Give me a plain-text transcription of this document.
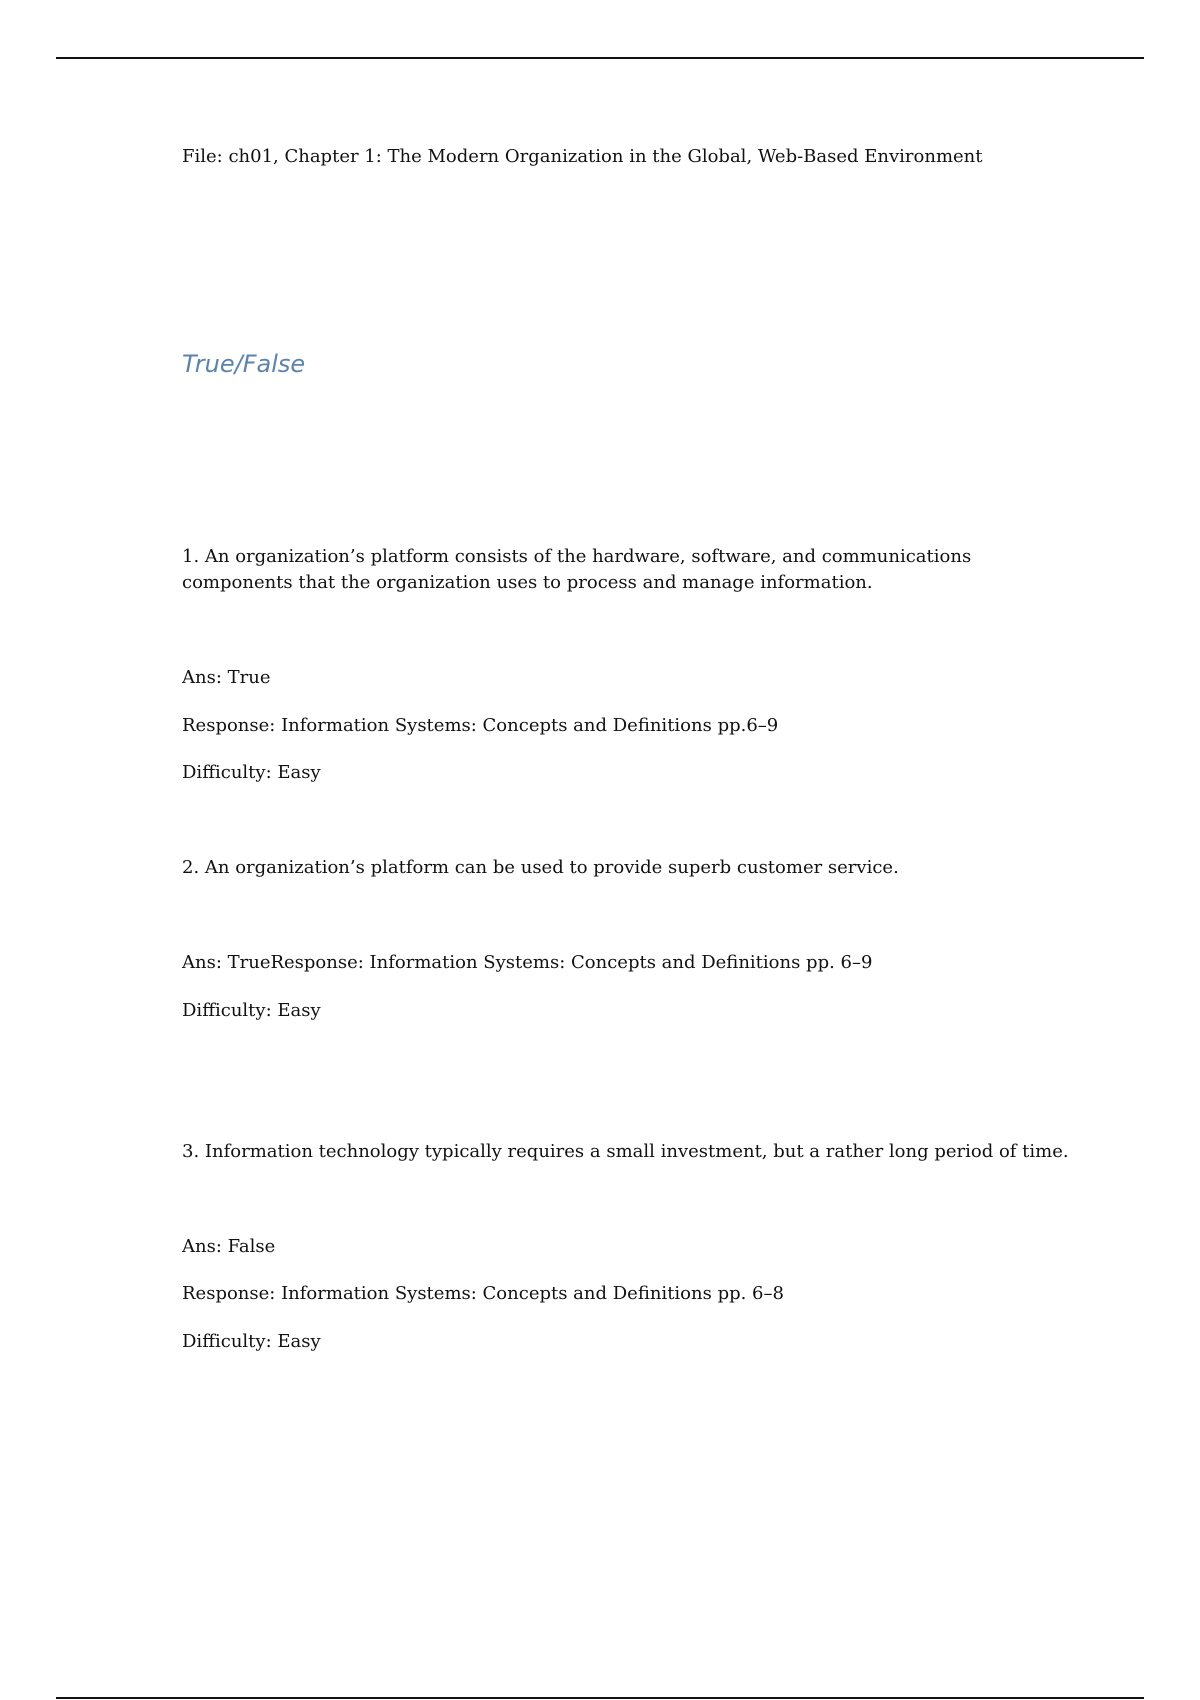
File: ch01, Chapter 1: The Modern Organization in the Global, Web-Based Environment

True/False

1. An organization’s platform consists of the hardware, software, and communications components that the organization uses to process and manage information.

Ans: True

Response: Information Systems: Concepts and Definitions pp.6–9

Difficulty: Easy

2. An organization’s platform can be used to provide superb customer service.

Ans: TrueResponse: Information Systems: Concepts and Definitions pp. 6–9

Difficulty: Easy

3. Information technology typically requires a small investment, but a rather long period of time.

Ans: False

Response: Information Systems: Concepts and Definitions pp. 6–8

Difficulty: Easy
